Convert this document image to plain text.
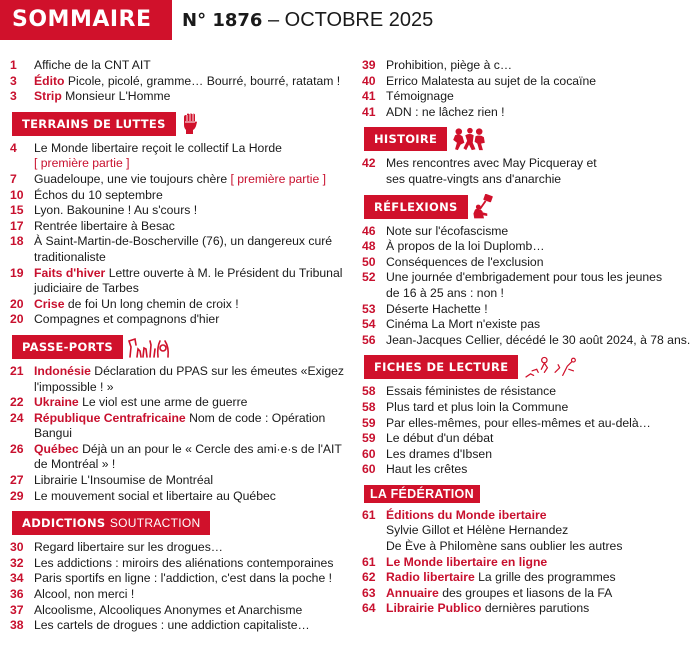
SOMMAIRE	N° 1876 – OCTOBRE 2025
1	Affiche de la CNT AIT
3	Édito Picole, picolé, gramme… Bourré, bourré, ratatam !
3	Strip Monsieur L'Homme
TERRAINS DE LUTTES
4	Le Monde libertaire reçoit le collectif La Horde
[ première partie ]
7	Guadeloupe, une vie toujours chère [ première partie ]
10 Échos du 10 septembre
15 Lyon. Bakounine ! Au s'cours !
17 Rentrée libertaire à Besac
18 À Saint-Martin-de-Boscherville (76), un dangereux curé traditionaliste
19 Faits d'hiver Lettre ouverte à M. le Président du Tribunal judiciaire de Tarbes
20 Crise de foi Un long chemin de croix !
20 Compagnes et compagnons d'hier
PASSE-PORTS
21 Indonésie Déclaration du PPAS sur les émeutes «Exigez l'impossible ! »
22 Ukraine Le viol est une arme de guerre
24 République Centrafricaine Nom de code : Opération Bangui
26 Québec Déjà un an pour le « Cercle des ami·e·s de l'AIT de Montréal » !
27 Librairie L'Insoumise de Montréal
29 Le mouvement social et libertaire au Québec
ADDICTIONS SOUTRACTION
30 Regard libertaire sur les drogues…
32 Les addictions : miroirs des aliénations contemporaines
34 Paris sportifs en ligne : l'addiction, c'est dans la poche !
36 Alcool, non merci !
37 Alcoolisme, Alcooliques Anonymes et Anarchisme
38 Les cartels de drogues : une addiction capitaliste…
39 Prohibition, piège à c…
40 Errico Malatesta au sujet de la cocaïne
41 Témoignage
41 ADN : ne lâchez rien !
HISTOIRE
42 Mes rencontres avec May Picqueray et ses quatre-vingts ans d'anarchie
RÉFLEXIONS
46 Note sur l'écofascisme
48 À propos de la loi Duplomb…
50 Conséquences de l'exclusion
52 Une journée d'embrigadement pour tous les jeunes de 16 à 25 ans : non !
53 Déserte Hachette !
54 Cinéma La Mort n'existe pas
56 Jean-Jacques Cellier, décédé le 30 août 2024, à 78 ans.
FICHES DE LECTURE
58 Essais féministes de résistance
58 Plus tard et plus loin la Commune
59 Par elles-mêmes, pour elles-mêmes et au-delà…
59 Le début d'un débat
60 Les drames d'Ibsen
60 Haut les crêtes
LA FÉDÉRATION
61 Éditions du Monde ibertaire
Sylvie Gillot et Hélène Hernandez
De Ève à Philomène sans oublier les autres
61 Le Monde libertaire en ligne
62 Radio libertaire La grille des programmes
63 Annuaire des groupes et liasons de la FA
64 Librairie Publico dernières parutions
